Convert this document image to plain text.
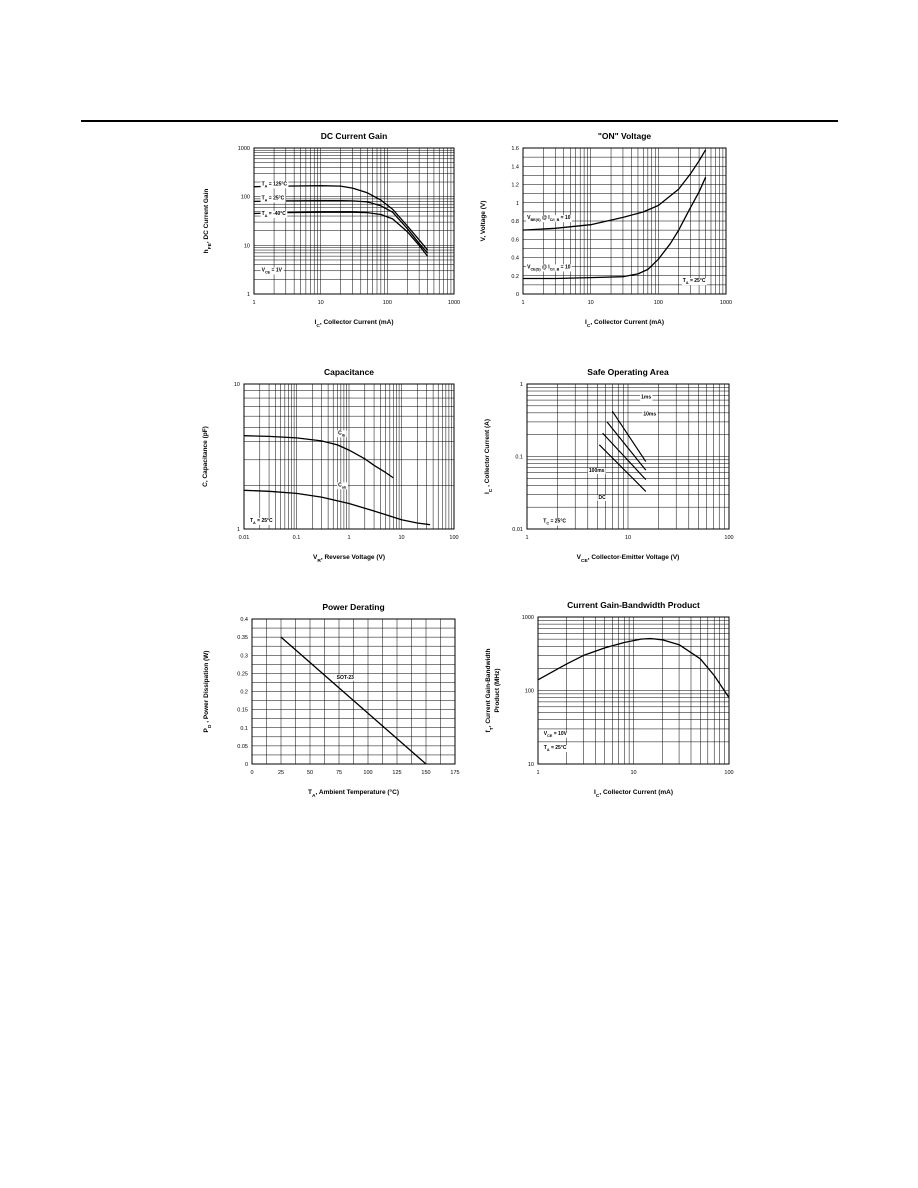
1	10	100	1000
1
10
100
1000
DC Current Gain
$I_C$, Collector Current (mA)
$h_{FE}$, DC Current Gain
$T_A = 125^\circ C$
$T_A = 25^\circ C$
$T_A = -40^\circ C$
$V_{CE} = 1V$
1	10	100	1000
0
0.2
0.4
0.6
0.8
1
1.2
1.4
1.6
"ON" Voltage
$I_C$, Collector Current (mA)
V, Voltage (V)	$V_{BE(S)}$ @ $I_{C/I\_B} = 10$
$V_{CE(S)}$ @ $I_{C/I\_B} = 10$
$T_A = 25^\circ C$
0.01	0.1	1	10	100
1
10
Capacitance
$V_R$, Reverse Voltage (V)
C, Capacitance (pF)	$C_{ib}$
$C_{ob}$
$T_A = 25^\circ C$
1	10	100
0.01
0.1
1
Safe Operating Area
$V_{CE}$, Collector-Emitter Voltage (V)
$I_C$ , Collector Current (A)
1ms
10ms
100ms
DC
$T_C = 25^\circ C$
0	25	50	75	100	125	150	175
0
0.05
0.1
0.15
0.2
0.25
0.3
0.35
0.4
Power Derating
$T_A$, Ambient Temperature (°C)
$P_D$ , Power Dissipation (W)	SOT-23
1	10	100
10
100
1000
Current Gain-Bandwidth Product
$I_C$, Collector Current (mA)
$f_T$, Current Gain-Bandwidth Product (MHz)
$V_{CE} = 10V$
$T_A = 25^\circ C$
